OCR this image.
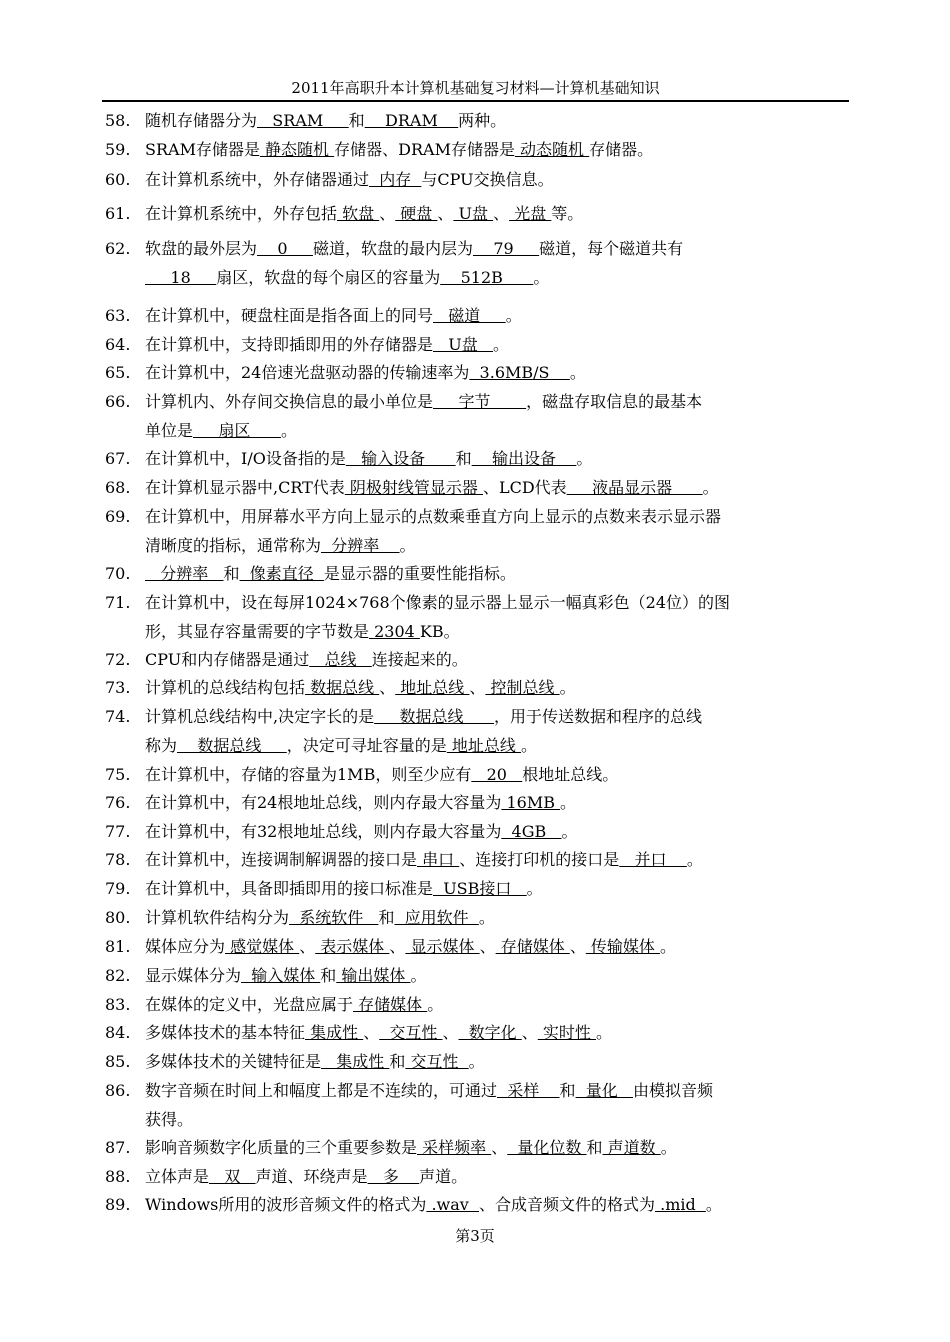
2011年高职升本计算机基础复习材料—计算机基础知识
58. 随机存储器分为   SRAM     和    DRAM    两种。
59. SRAM存储器是 静态随机 存储器、DRAM存储器是 动态随机 存储器。
60. 在计算机系统中，外存储器通过  内存  与CPU交换信息。
61. 在计算机系统中，外存包括 软盘 、 硬盘 、 U盘 、 光盘 等。
62. 软盘的最外层为    0     磁道，软盘的最内层为    79     磁道，每个磁道共有
18     扇区，软盘的每个扇区的容量为    512B      。
63. 在计算机中，硬盘柱面是指各面上的同号   磁道     。
64. 在计算机中，支持即插即用的外存储器是   U盘   。
65. 在计算机中，24倍速光盘驱动器的传输速率为  3.6MB/S    。
66. 计算机内、外存间交换信息的最小单位是     字节       ，磁盘存取信息的最基本
单位是     扇区      。
67. 在计算机中，I/O设备指的是   输入设备      和    输出设备    。
68. 在计算机显示器中,CRT代表 阴极射线管显示器 、LCD代表     液晶显示器      。
69. 在计算机中，用屏幕水平方向上显示的点数乘垂直方向上显示的点数来表示显示器
清晰度的指标，通常称为  分辨率    。
70. 分辨率   和  像素直径  是显示器的重要性能指标。
71. 在计算机中，设在每屏1024×768个像素的显示器上显示一幅真彩色（24位）的图
形，其显存容量需要的字节数是 2304 KB。
72. CPU和内存储器是通过   总线   连接起来的。
73. 计算机的总线结构包括 数据总线 、 地址总线 、 控制总线 。
74. 计算机总线结构中,决定字长的是     数据总线      ，用于传送数据和程序的总线
称为    数据总线     ，决定可寻址容量的是 地址总线 。
75. 在计算机中，存储的容量为1MB，则至少应有   20   根地址总线。
76. 在计算机中，有24根地址总线，则内存最大容量为 16MB 。
77. 在计算机中，有32根地址总线，则内存最大容量为  4GB   。
78. 在计算机中，连接调制解调器的接口是 串口 、连接打印机的接口是   并口    。
79. 在计算机中，具备即插即用的接口标准是  USB接口   。
80. 计算机软件结构分为  系统软件   和  应用软件  。
81. 媒体应分为 感觉媒体 、 表示媒体 、 显示媒体 、 存储媒体 、 传输媒体 。
82. 显示媒体分为  输入媒体 和 输出媒体 。
83. 在媒体的定义中，光盘应属于 存储媒体 。
84. 多媒体技术的基本特征 集成性 、  交互性 、  数字化 、 实时性 。
85. 多媒体技术的关键特征是   集成性 和 交互性  。
86. 数字音频在时间上和幅度上都是不连续的，可通过  采样    和  量化   由模拟音频
获得。
87. 影响音频数字化质量的三个重要参数是 采样频率 、  量化位数 和 声道数 。
88. 立体声是   双   声道、环绕声是   多    声道。
89. Windows所用的波形音频文件的格式为 .wav  、合成音频文件的格式为 .mid  。
第3页
